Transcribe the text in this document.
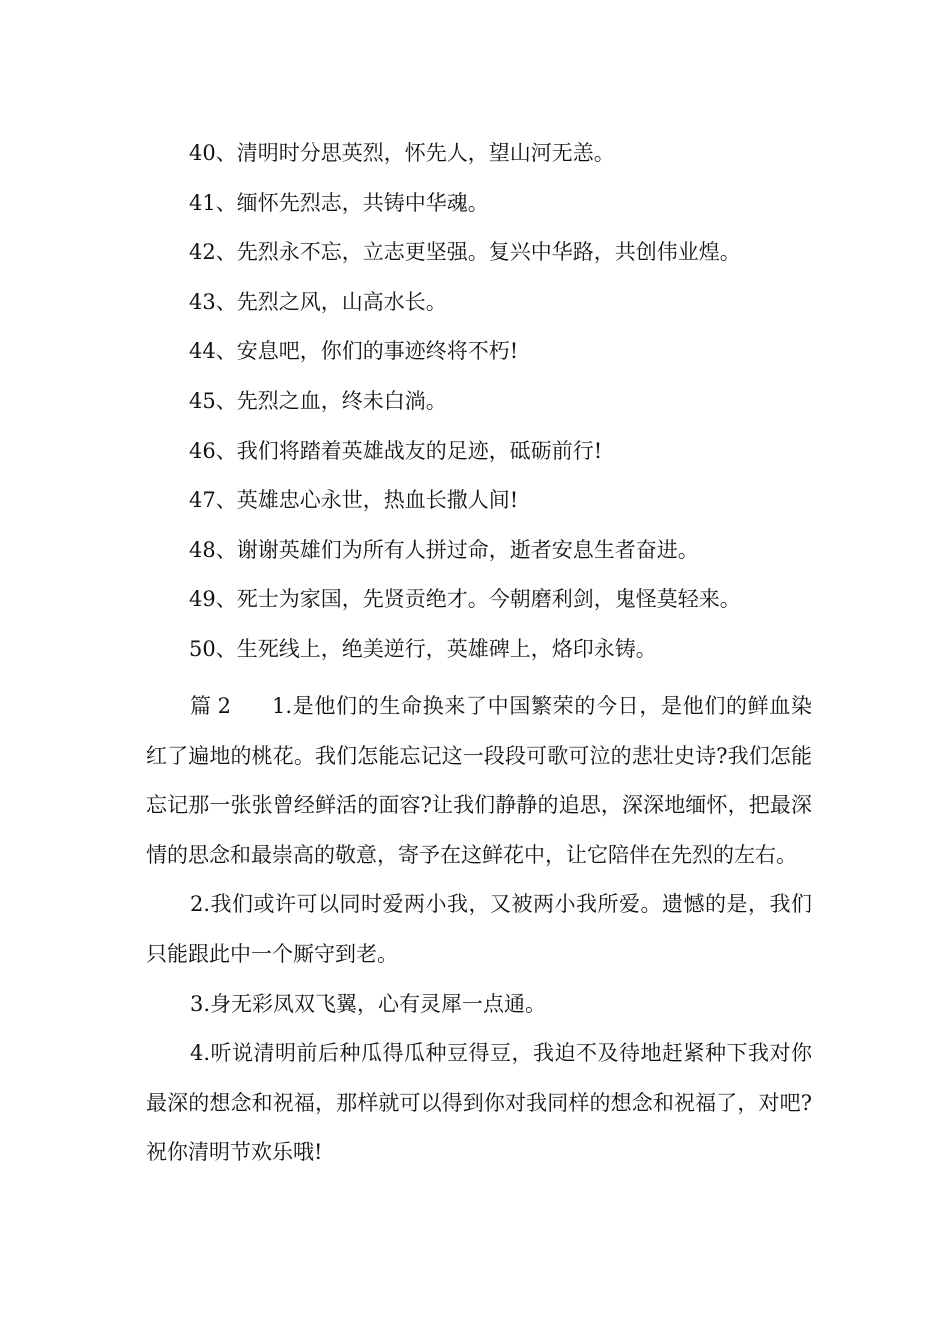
40、清明时分思英烈，怀先人，望山河无恙。
41、缅怀先烈志，共铸中华魂。
42、先烈永不忘，立志更坚强。复兴中华路，共创伟业煌。
43、先烈之风，山高水长。
44、安息吧，你们的事迹终将不朽!
45、先烈之血，终未白淌。
46、我们将踏着英雄战友的足迹，砥砺前行!
47、英雄忠心永世，热血长撒人间!
48、谢谢英雄们为所有人拼过命，逝者安息生者奋进。
49、死士为家国，先贤贡绝才。今朝磨利剑，鬼怪莫轻来。
50、生死线上，绝美逆行，英雄碑上，烙印永铸。

篇 2 1.是他们的生命换来了中国繁荣的今日，是他们的鲜血染红了遍地的桃花。我们怎能忘记这一段段可歌可泣的悲壮史诗?我们怎能忘记那一张张曾经鲜活的面容?让我们静静的追思，深深地缅怀，把最深情的思念和最崇高的敬意，寄予在这鲜花中，让它陪伴在先烈的左右。

2.我们或许可以同时爱两小我，又被两小我所爱。遗憾的是，我们只能跟此中一个厮守到老。

3.身无彩凤双飞翼，心有灵犀一点通。

4.听说清明前后种瓜得瓜种豆得豆，我迫不及待地赶紧种下我对你最深的想念和祝福，那样就可以得到你对我同样的想念和祝福了，对吧?祝你清明节欢乐哦!
